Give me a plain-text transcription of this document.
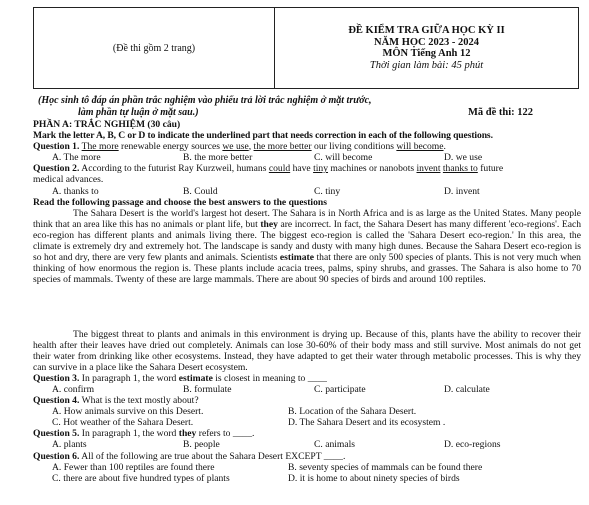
(Đề thi gồm 2 trang)	
ĐỀ KIỂM TRA GIỮA HỌC KỲ II
NĂM HỌC 2023 - 2024
MÔN Tiếng Anh 12
Thời gian làm bài: 45 phút
(Học sinh tô đáp án phần trắc nghiệm vào phiếu trả lời trắc nghiệm ở mặt trước,
làm phần tự luận ở mặt sau.)	Mã đề thi: 122
PHẦN A: TRẮC NGHIỆM (30 câu)
Mark the letter A, B, C or D to indicate the underlined part that needs correction in each of the following questions.
Question 1. The more renewable energy sources we use, the more better our living conditions will become.
A. The more	B. the more better	C. will become	D. we use
Question 2. According to the futurist Ray Kurzweil, humans could have tiny machines or nanobots invent thanks to future
medical advances.
A. thanks to	B. Could	C. tiny	D. invent
Read the following passage and choose the best answers to the questions
The Sahara Desert is the world's largest hot desert. The Sahara is in North Africa and is as large as the United States. Many people think that an area like this has no animals or plant life, but they are incorrect. In fact, the Sahara Desert has many different 'eco-regions'. Each eco-region has different plants and animals living there. The biggest eco-region is called the 'Sahara Desert eco-region.' In this area, the climate is extremely dry and extremely hot. The landscape is sandy and dusty with many high dunes. Because the Sahara Desert eco-region is so hot and dry, there are very few plants and animals. Scientists estimate that there are only 500 species of plants. This is not very much when thinking of how enormous the region is. These plants include acacia trees, palms, spiny shrubs, and grasses. The Sahara is also home to 70 species of mammals. Twenty of these are large mammals. There are about 90 species of birds and around 100 reptiles.
The biggest threat to plants and animals in this environment is drying up. Because of this, plants have the ability to recover their health after their leaves have dried out completely. Animals can lose 30-60% of their body mass and still survive. Most animals do not get their water from drinking like other ecosystems. Instead, they have adapted to get their water through metabolic processes. This is why they can survive in a place like the Sahara Desert ecosystem.
Question 3. In paragraph 1, the word estimate is closest in meaning to ____
A. confirm	B. formulate	C. participate	D. calculate
Question 4. What is the text mostly about?
A. How animals survive on this Desert.	B. Location of the Sahara Desert.
C. Hot weather of the Sahara Desert.	D. The Sahara Desert and its ecosystem .
Question 5. In paragraph 1, the word they refers to ____.
A. plants	B. people	C. animals	D. eco-regions
Question 6. All of the following are true about the Sahara Desert EXCEPT ____.
A. Fewer than 100 reptiles are found there	B. seventy species of mammals can be found there
C. there are about five hundred types of plants	D. it is home to about ninety species of birds
